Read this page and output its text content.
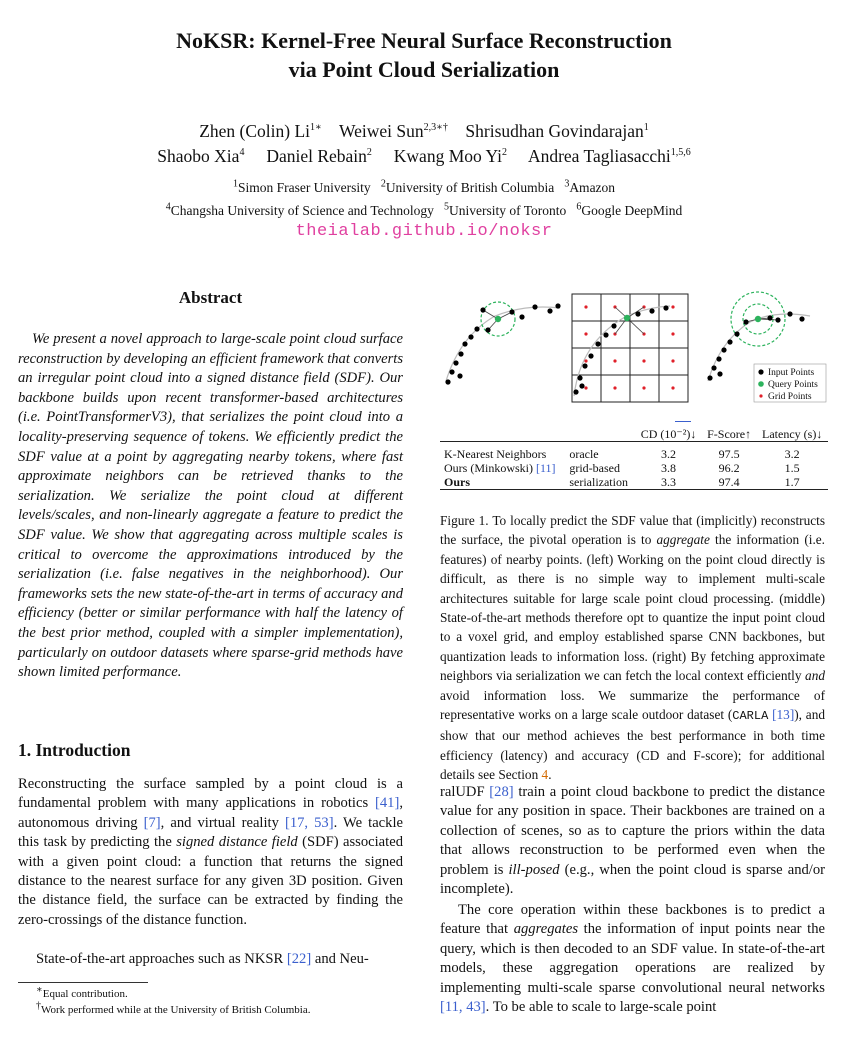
NoKSR: Kernel-Free Neural Surface Reconstruction
via Point Cloud Serialization
Zhen (Colin) $Li^{1∗}$ Weiwei Sun$^{2,3∗\dagger}$ Shrisudhan Govindarajan$^1$
Shaobo Xia$^4$ Daniel Rebain$^2$ Kwang Moo Yi$^2$ Andrea Tagliasacchi$^{1,5,6}$
$^1$Simon Fraser University $^2$University of British Columbia $^3$Amazon
$^4$Changsha University of Science and Technology $^5$University of Toronto $^6$Google DeepMind
theialab.github.io/noksr
Abstract

We present a novel approach to large-scale point cloud surface reconstruction by developing an efficient framework that converts an irregular point cloud into a signed distance field (SDF). Our backbone builds upon recent transformer-based architectures (i.e. PointTransformerV3), that serializes the point cloud into a locality-preserving sequence of tokens. We efficiently predict the SDF value at a point by aggregating nearby tokens, where fast approximate neighbors can be retrieved thanks to the serialization. We serialize the point cloud at different levels/scales, and non-linearly aggregate a feature to predict the SDF value. We show that aggregating across multiple scales is critical to overcome the approximations introduced by the serialization (i.e. false negatives in the neighborhood). Our frameworks sets the new state-of-the-art in terms of accuracy and efficiency (better or similar performance with half the latency of the best prior method, coupled with a simpler implementation), particularly on outdoor datasets where sparse-grid methods have shown limited performance.

1. Introduction

Reconstructing the surface sampled by a point cloud is a fundamental problem with many applications in robotics [41], autonomous driving [7], and virtual reality [17, 53]. We tackle this task by predicting the signed distance field (SDF) associated with a given point cloud: a function that returns the signed distance to the nearest surface for any given 3D position. Given the distance field, the surface can be extracted by finding the zero-crossings of the distance function.

State-of-the-art approaches such as NKSR [22] and Neu-

∗Equal contribution.
†Work performed while at the University of British Columbia.
Input Points
Query Points
Grid Points
		CD (10⁻²)↓	F-Score↑	Latency (s)↓

K-Nearest Neighbors	oracle	3.2	97.5	3.2
Ours (Minkowski) [11]	grid-based	3.8	96.2	1.5
Ours	serialization	3.3	97.4	1.7

Figure 1. To locally predict the SDF value that (implicitly) reconstructs the surface, the pivotal operation is to aggregate the information (i.e. features) of nearby points. (left) Working on the point cloud directly is difficult, as there is no simple way to implement multi-scale architectures suitable for large scale point cloud processing. (middle) State-of-the-art methods therefore opt to quantize the input point cloud to a voxel grid, and employ established sparse CNN backbones, but quantization leads to information loss. (right) By fetching approximate neighbors via serialization we can fetch the local context efficiently and avoid information loss. We summarize the performance of representative works on a large scale outdoor dataset (CARLA [13]), and show that our method achieves the best performance in both time efficiency (latency) and accuracy (CD and F-score); for additional details see Section 4.

ralUDF [28] train a point cloud backbone to predict the distance value for any position in space. Their backbones are trained on a collection of scenes, so as to capture the priors within the data that allows reconstruction to be performed even when the problem is ill-posed (e.g., when the point cloud is sparse and/or incomplete).

The core operation within these backbones is to predict a feature that aggregates the information of input points near the query, which is then decoded to an SDF value. In state-of-the-art models, these aggregation operations are realized by implementing multi-scale sparse convolutional neural networks [11, 43]. To be able to scale to large-scale point
